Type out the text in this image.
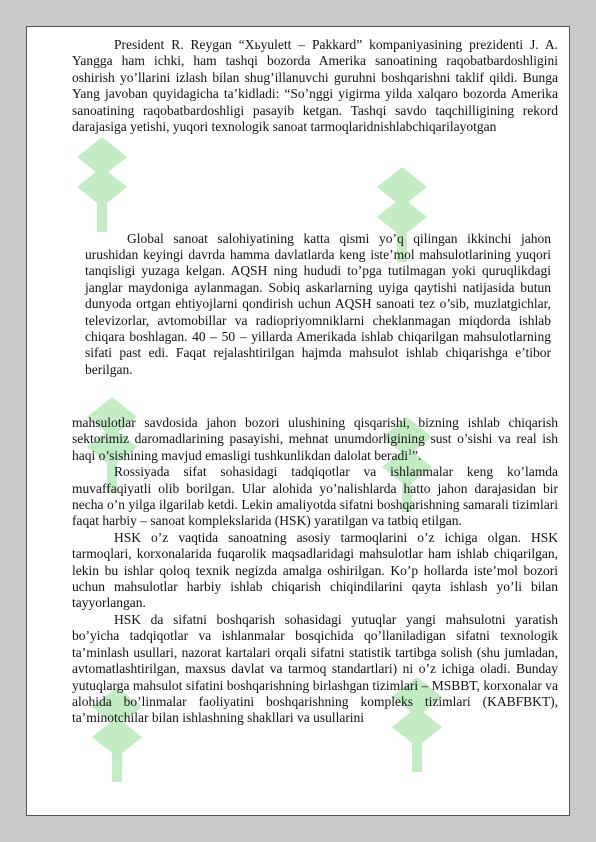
President R. Reygan “Хьyulett – Pakkard” kompaniyasining prezidenti J. A. Yangga ham ichki, ham tashqi bozorda Amerika sanoatining raqobatbardoshligini oshirish yo’llarini izlash bilan shug’illanuvchi guruhni boshqarishni taklif qildi. Bunga Yang javoban quyidagicha ta’kidladi: “So’nggi yigirma yilda xalqaro bozorda Amerika sanoatining raqobatbardoshligi pasayib ketgan. Tashqi savdo taqchilligining rekord darajasiga yetishi, yuqori texnologik sanoat tarmoqlaridnishlabchiqarilayotgan

Global sanoat salohiyatining katta qismi yo’q qilingan ikkinchi jahon urushidan keyingi davrda hamma davlatlarda keng iste’mol mahsulotlarining yuqori tanqisligi yuzaga kelgan. AQSH ning hududi to’pga tutilmagan yoki quruqlikdagi janglar maydoniga aylanmagan. Sobiq askarlarning uyiga qaytishi natijasida butun dunyoda ortgan ehtiyojlarni qondirish uchun AQSH sanoati tez o’sib, muzlatgichlar, televizorlar, avtomobillar va radiopriyomniklarni cheklanmagan miqdorda ishlab chiqara boshlagan. 40 – 50 – yillarda Amerikada ishlab chiqarilgan mahsulotlarning sifati past edi. Faqat rejalashtirilgan hajmda mahsulot ishlab chiqarishga e’tibor berilgan.

mahsulotlar savdosida jahon bozori ulushining qisqarishi, bizning ishlab chiqarish sektorimiz daromadlarining pasayishi, mehnat unumdorligining sust o’sishi va real ish haqi o’sishining mavjud emasligi tushkunlikdan dalolat beradi$^1$”.

Rossiyada sifat sohasidagi tadqiqotlar va ishlanmalar keng ko’lamda muvaffaqiyatli olib borilgan. Ular alohida yo’nalishlarda hatto jahon darajasidan bir necha o’n yilga ilgarilab ketdi. Lekin amaliyotda sifatni boshqarishning samarali tizimlari faqat harbiy – sanoat komplekslarida (HSK) yaratilgan va tatbiq etilgan.

HSK o’z vaqtida sanoatning asosiy tarmoqlarini o’z ichiga olgan. HSK tarmoqlari, korxonalarida fuqarolik maqsadlaridagi mahsulotlar ham ishlab chiqarilgan, lekin bu ishlar qoloq texnik negizda amalga oshirilgan. Ko’p hollarda iste’mol bozori uchun mahsulotlar harbiy ishlab chiqarish chiqindilarini qayta ishlash yo’li bilan tayyorlangan.

HSK da sifatni boshqarish sohasidagi yutuqlar yangi mahsulotni yaratish bo’yicha tadqiqotlar va ishlanmalar bosqichida qo’llaniladigan sifatni texnologik ta’minlash usullari, nazorat kartalari orqali sifatni statistik tartibga solish (shu jumladan, avtomatlashtirilgan, maxsus davlat va tarmoq standartlari) ni o’z ichiga oladi. Bunday yutuqlarga mahsulot sifatini boshqarishning birlashgan tizimlari – MSBBT, korxonalar va alohida bo’linmalar faoliyatini boshqarishning kompleks tizimlari (KABFBKT), ta’minotchilar bilan ishlashning shakllari va usullarini
